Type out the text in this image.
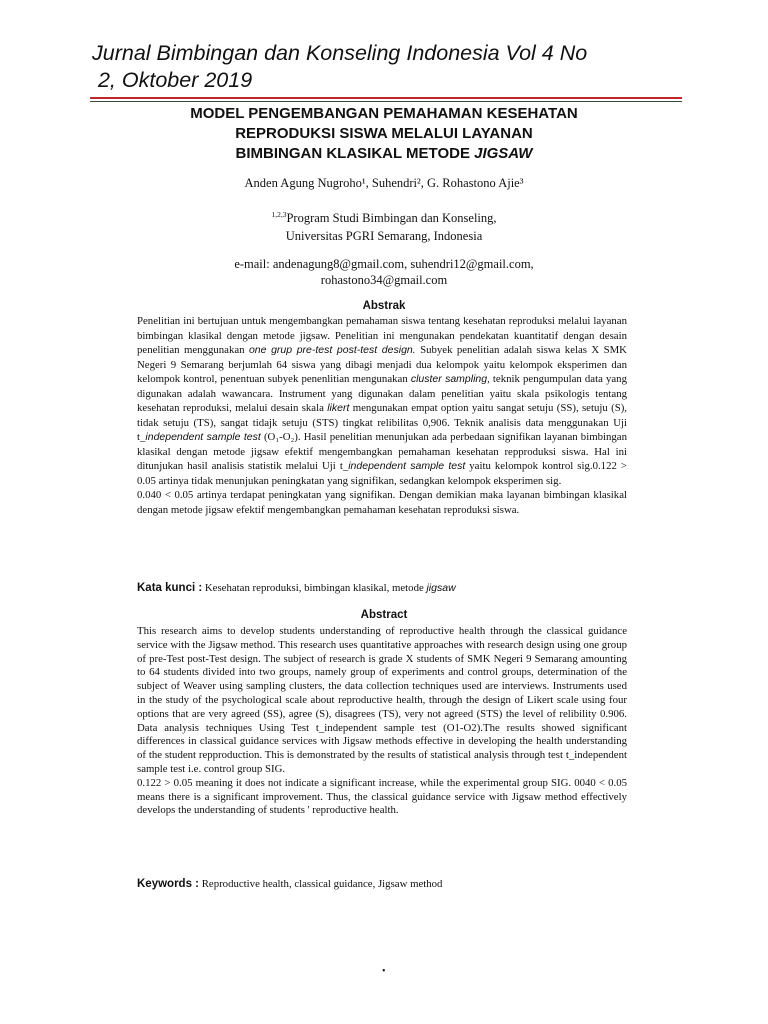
Jurnal Bimbingan dan Konseling Indonesia Vol 4 No
2, Oktober 2019
MODEL PENGEMBANGAN PEMAHAMAN KESEHATAN
REPRODUKSI SISWA MELALUI LAYANAN
BIMBINGAN KLASIKAL METODE JIGSAW
Anden Agung Nugroho¹, Suhendri², G. Rohastono Ajie³
$^{1,2,3}$Program Studi Bimbingan dan Konseling,
Universitas PGRI Semarang, Indonesia
e-mail: andenagung8@gmail.com, suhendri12@gmail.com,
rohastono34@gmail.com
Abstrak

Penelitian ini bertujuan untuk mengembangkan pemahaman siswa tentang kesehatan reproduksi melalui layanan bimbingan klasikal dengan metode jigsaw. Penelitian ini mengunakan pendekatan kuantitatif dengan desain penelitian menggunakan one grup pre-test post-test design. Subyek penelitian adalah siswa kelas X SMK Negeri 9 Semarang berjumlah 64 siswa yang dibagi menjadi dua kelompok yaitu kelompok eksperimen dan kelompok kontrol, penentuan subyek penenlitian mengunakan cluster sampling, teknik pengumpulan data yang digunakan adalah wawancara. Instrument yang digunakan dalam penelitian yaitu skala psikologis tentang kesehatan reproduksi, melalui desain skala likert mengunakan empat option yaitu sangat setuju (SS), setuju (S), tidak setuju (TS), sangat tidajk setuju (STS) tingkat relibilitas 0,906. Teknik analisis data menggunakan Uji t_independent sample test (O₁-O₂). Hasil penelitian menunjukan ada perbedaan signifikan layanan bimbingan klasikal dengan metode jigsaw efektif mengembangkan pemahaman kesehatan repproduksi siswa. Hal ini ditunjukan hasil analisis statistik melalui Uji t_independent sample test yaitu kelompok kontrol sig.0.122 > 0.05 artinya tidak menunjukan peningkatan yang signifikan, sedangkan kelompok eksperimen sig.

0.040 < 0.05 artinya terdapat peningkatan yang signifikan. Dengan demikian maka layanan bimbingan klasikal dengan metode jigsaw efektif mengembangkan pemahaman kesehatan reproduksi siswa.

Kata kunci : Kesehatan reproduksi, bimbingan klasikal, metode jigsaw
Abstract

This research aims to develop students understanding of reproductive health through the classical guidance service with the Jigsaw method. This research uses quantitative approaches with research design using one group of pre-Test post-Test design. The subject of research is grade X students of SMK Negeri 9 Semarang amounting to 64 students divided into two groups, namely group of experiments and control groups, determination of the subject of Weaver using sampling clusters, the data collection techniques used are interviews. Instruments used in the study of the psychological scale about reproductive health, through the design of Likert scale using four options that are very agreed (SS), agree (S), disagrees (TS), very not agreed (STS) the level of relibility 0.906. Data analysis techniques Using Test t_independent sample test (O1-O2).The results showed significant differences in classical guidance services with Jigsaw methods effective in developing the health understanding of the student repproduction. This is demonstrated by the results of statistical analysis through test t_independent sample test i.e. control group SIG.

0.122 > 0.05 meaning it does not indicate a significant increase, while the experimental group SIG. 0040 < 0.05 means there is a significant improvement. Thus, the classical guidance service with Jigsaw method effectively develops the understanding of students ' reproductive health.

Keywords : Reproductive health, classical guidance, Jigsaw method
•
